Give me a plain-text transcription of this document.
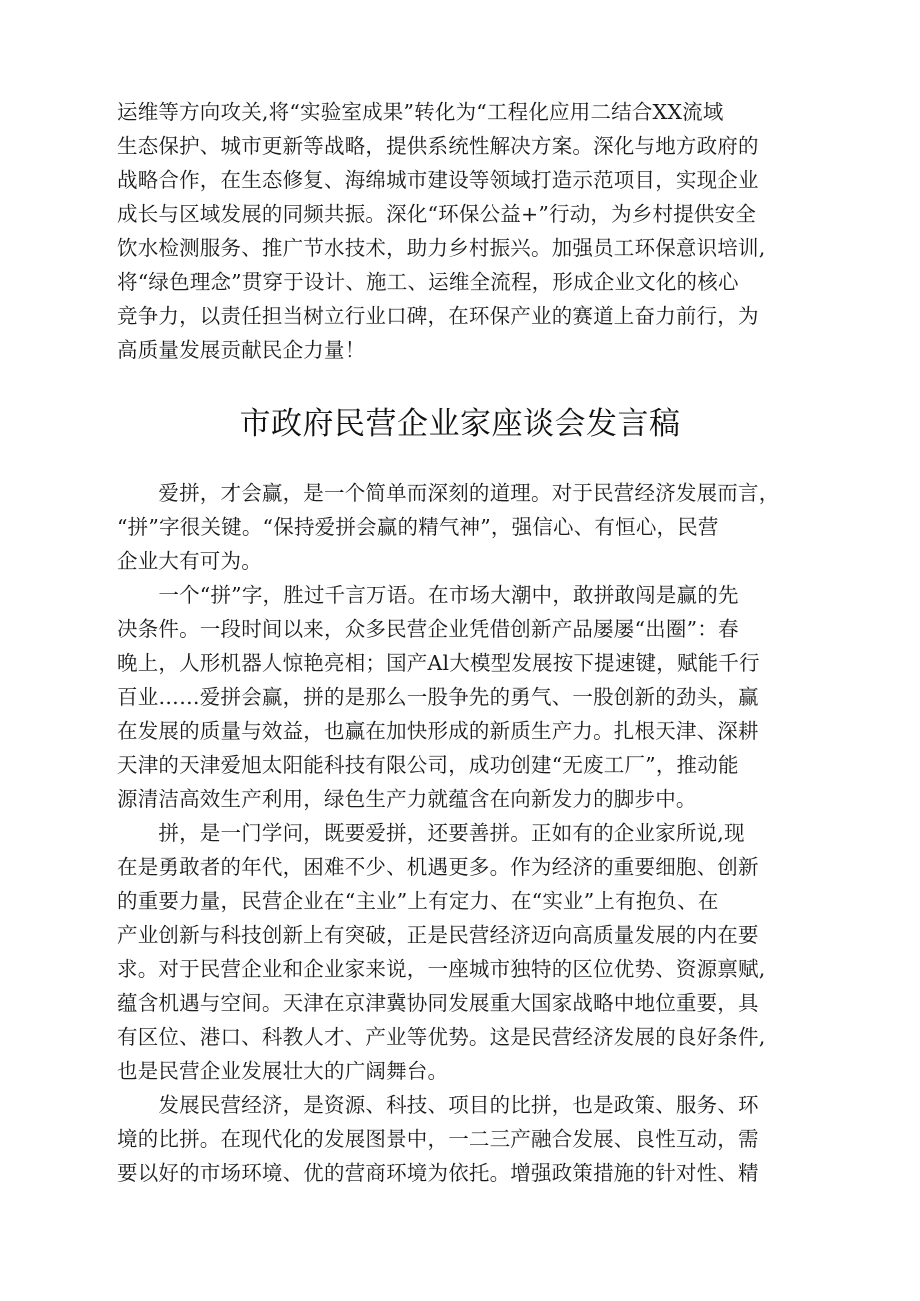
运维等方向攻关,将“实验室成果”转化为“工程化应用二结合XX流域
生态保护、城市更新等战略，提供系统性解决方案。深化与地方政府的
战略合作，在生态修复、海绵城市建设等领域打造示范项目，实现企业
成长与区域发展的同频共振。深化“环保公益+”行动，为乡村提供安全
饮水检测服务、推广节水技术，助力乡村振兴。加强员工环保意识培训,
将“绿色理念”贯穿于设计、施工、运维全流程，形成企业文化的核心
竞争力，以责任担当树立行业口碑，在环保产业的赛道上奋力前行，为
高质量发展贡献民企力量！
市政府民营企业家座谈会发言稿
　　爱拼，才会赢，是一个简单而深刻的道理。对于民营经济发展而言，
“拼”字很关键。“保持爱拼会赢的精气神”，强信心、有恒心，民营
企业大有可为。
　　一个“拼”字，胜过千言万语。在市场大潮中，敢拼敢闯是赢的先
决条件。一段时间以来，众多民营企业凭借创新产品屡屡“出圈”：春
晚上，人形机器人惊艳亮相；国产Al大模型发展按下提速键，赋能千行
百业……爱拼会赢，拼的是那么一股争先的勇气、一股创新的劲头，赢
在发展的质量与效益，也赢在加快形成的新质生产力。扎根天津、深耕
天津的天津爱旭太阳能科技有限公司，成功创建“无废工厂”，推动能
源清洁高效生产利用，绿色生产力就蕴含在向新发力的脚步中。
　　拼，是一门学问，既要爱拼，还要善拼。正如有的企业家所说,现
在是勇敢者的年代，困难不少、机遇更多。作为经济的重要细胞、创新
的重要力量，民营企业在“主业”上有定力、在“实业”上有抱负、在
产业创新与科技创新上有突破，正是民营经济迈向高质量发展的内在要
求。对于民营企业和企业家来说，一座城市独特的区位优势、资源禀赋,
蕴含机遇与空间。天津在京津冀协同发展重大国家战略中地位重要，具
有区位、港口、科教人才、产业等优势。这是民营经济发展的良好条件,
也是民营企业发展壮大的广阔舞台。
　　发展民营经济，是资源、科技、项目的比拼，也是政策、服务、环
境的比拼。在现代化的发展图景中，一二三产融合发展、良性互动，需
要以好的市场环境、优的营商环境为依托。增强政策措施的针对性、精
